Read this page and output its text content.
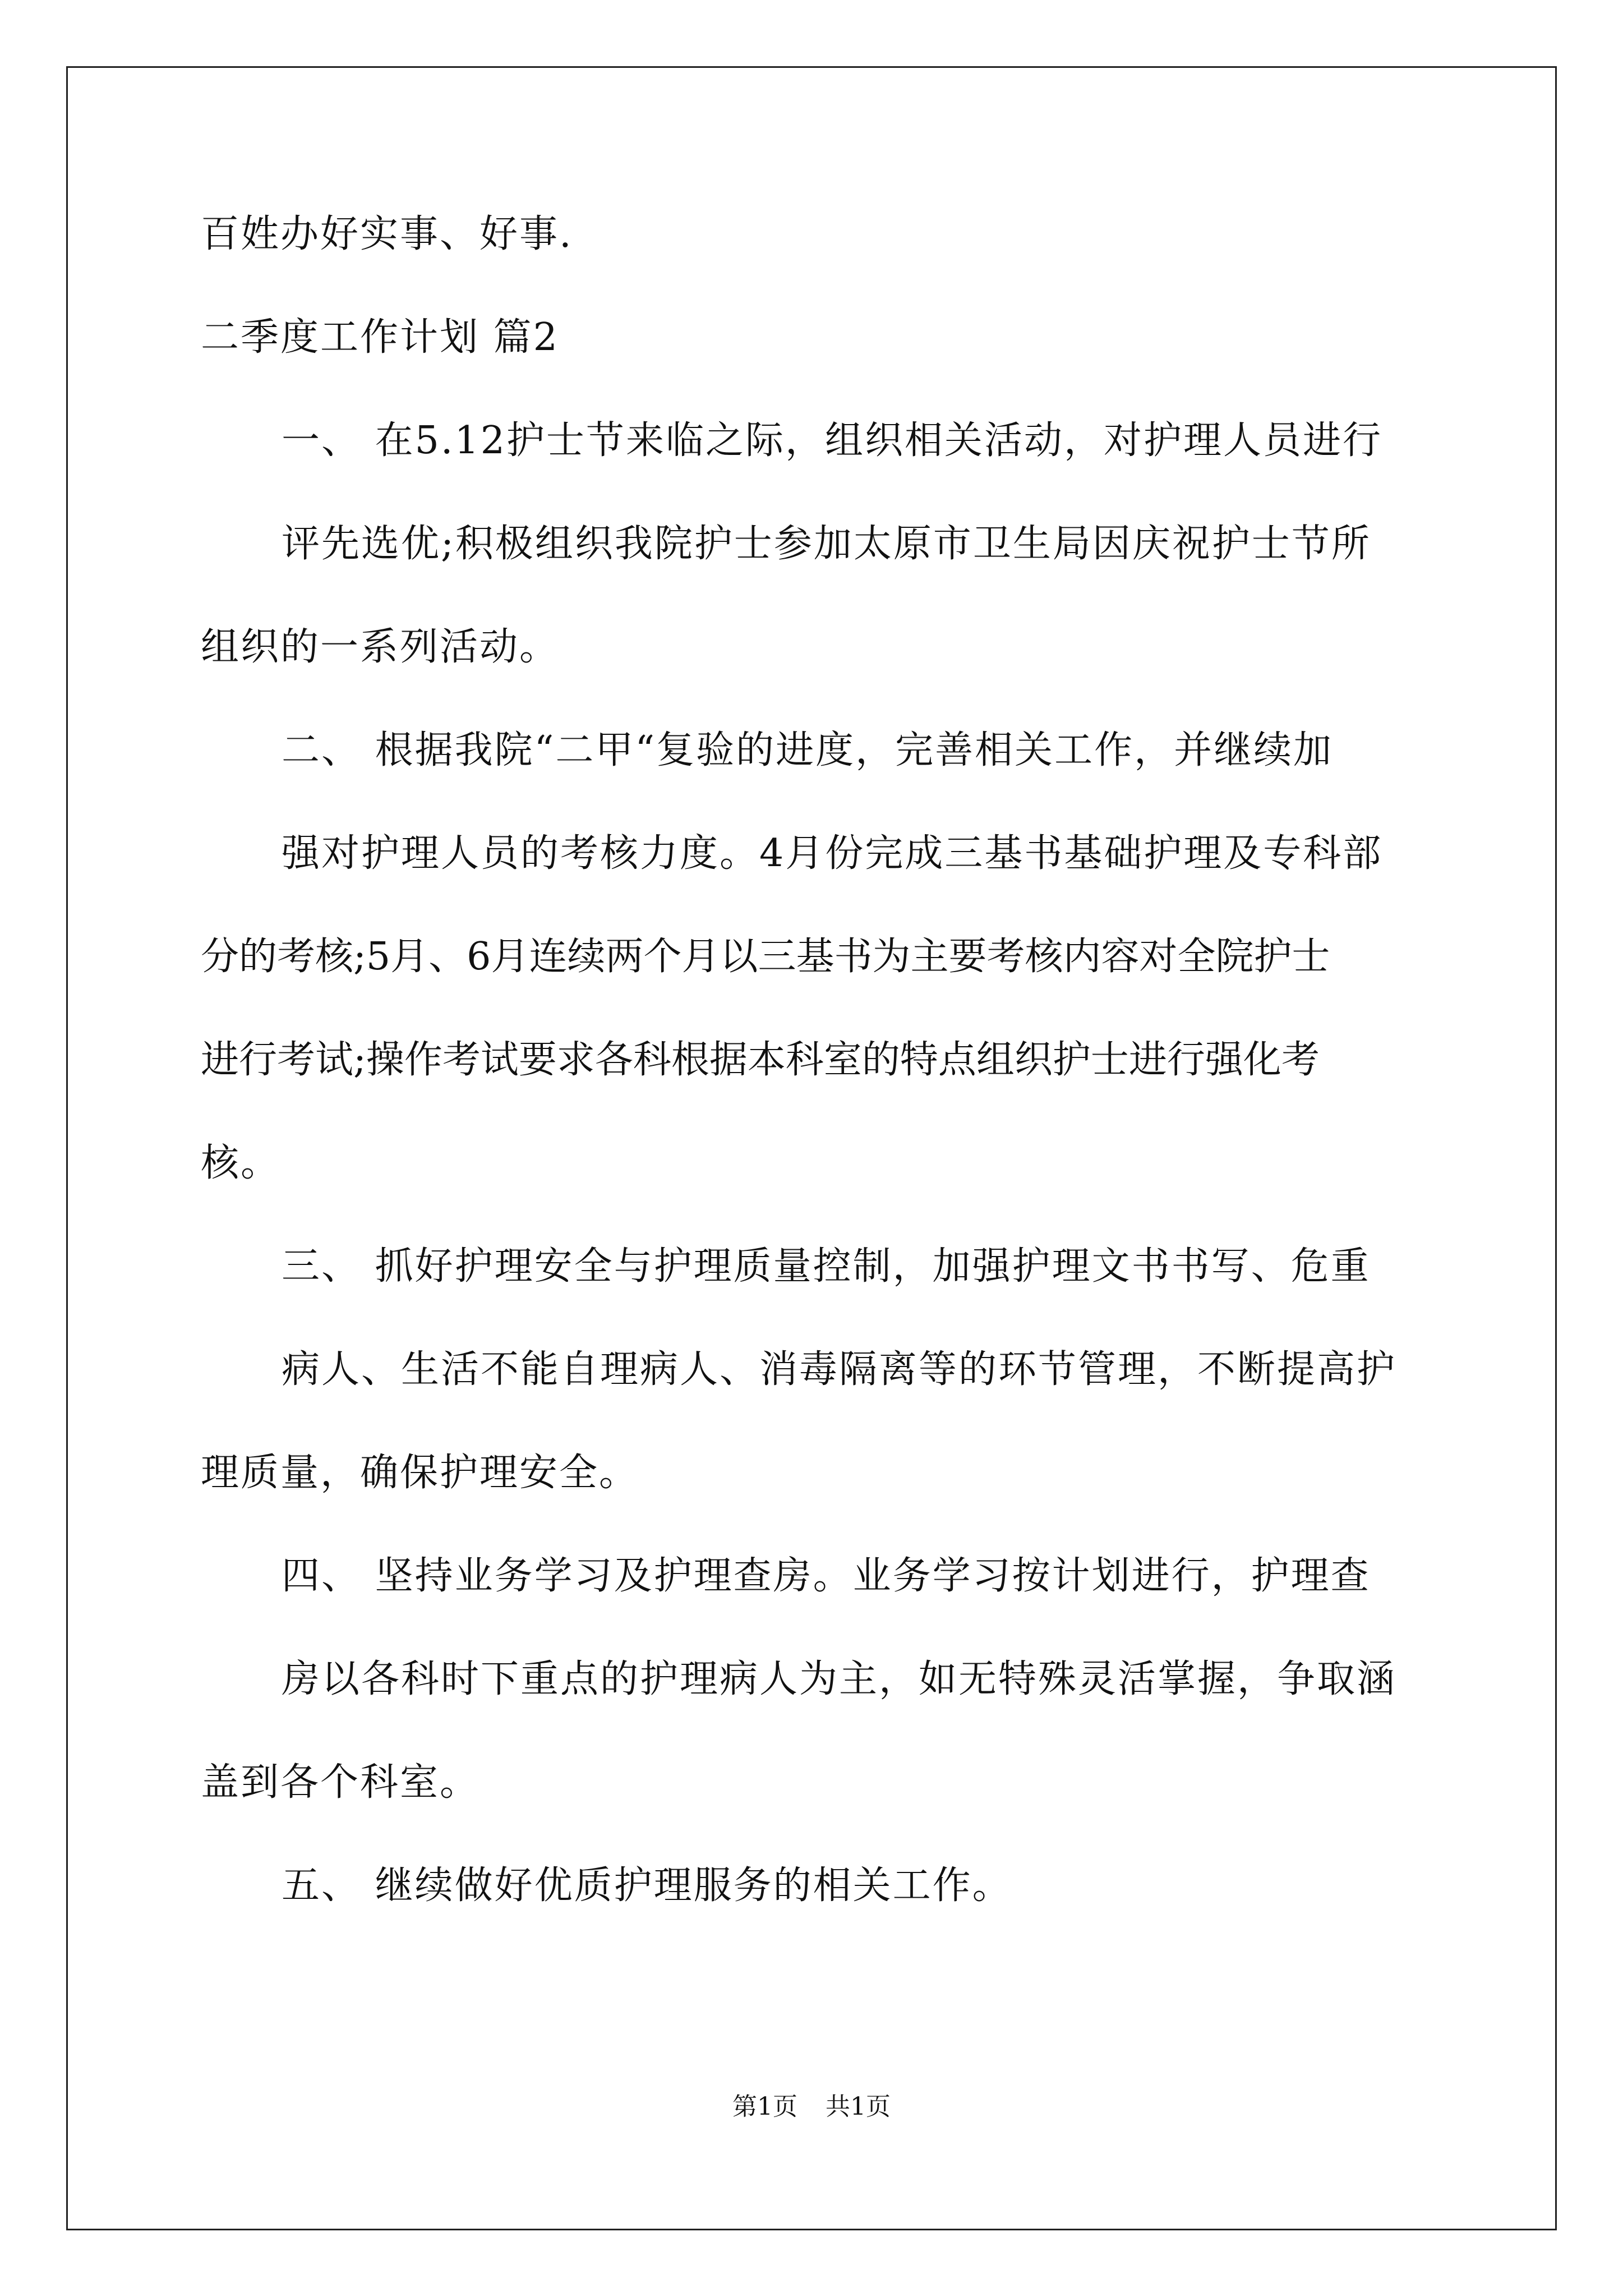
百姓办好实事、好事.

二季度工作计划 篇2

一、 在5.12护士节来临之际，组织相关活动，对护理人员进行

评先选优;积极组织我院护士参加太原市卫生局因庆祝护士节所

组织的一系列活动。

二、 根据我院“二甲“复验的进度，完善相关工作，并继续加

强对护理人员的考核力度。4月份完成三基书基础护理及专科部

分的考核;5月、6月连续两个月以三基书为主要考核内容对全院护士

进行考试;操作考试要求各科根据本科室的特点组织护士进行强化考

核。

三、 抓好护理安全与护理质量控制，加强护理文书书写、危重

病人、生活不能自理病人、消毒隔离等的环节管理，不断提高护

理质量，确保护理安全。

四、 坚持业务学习及护理查房。业务学习按计划进行，护理查

房以各科时下重点的护理病人为主，如无特殊灵活掌握，争取涵

盖到各个科室。

五、 继续做好优质护理服务的相关工作。

第1页 共1页
